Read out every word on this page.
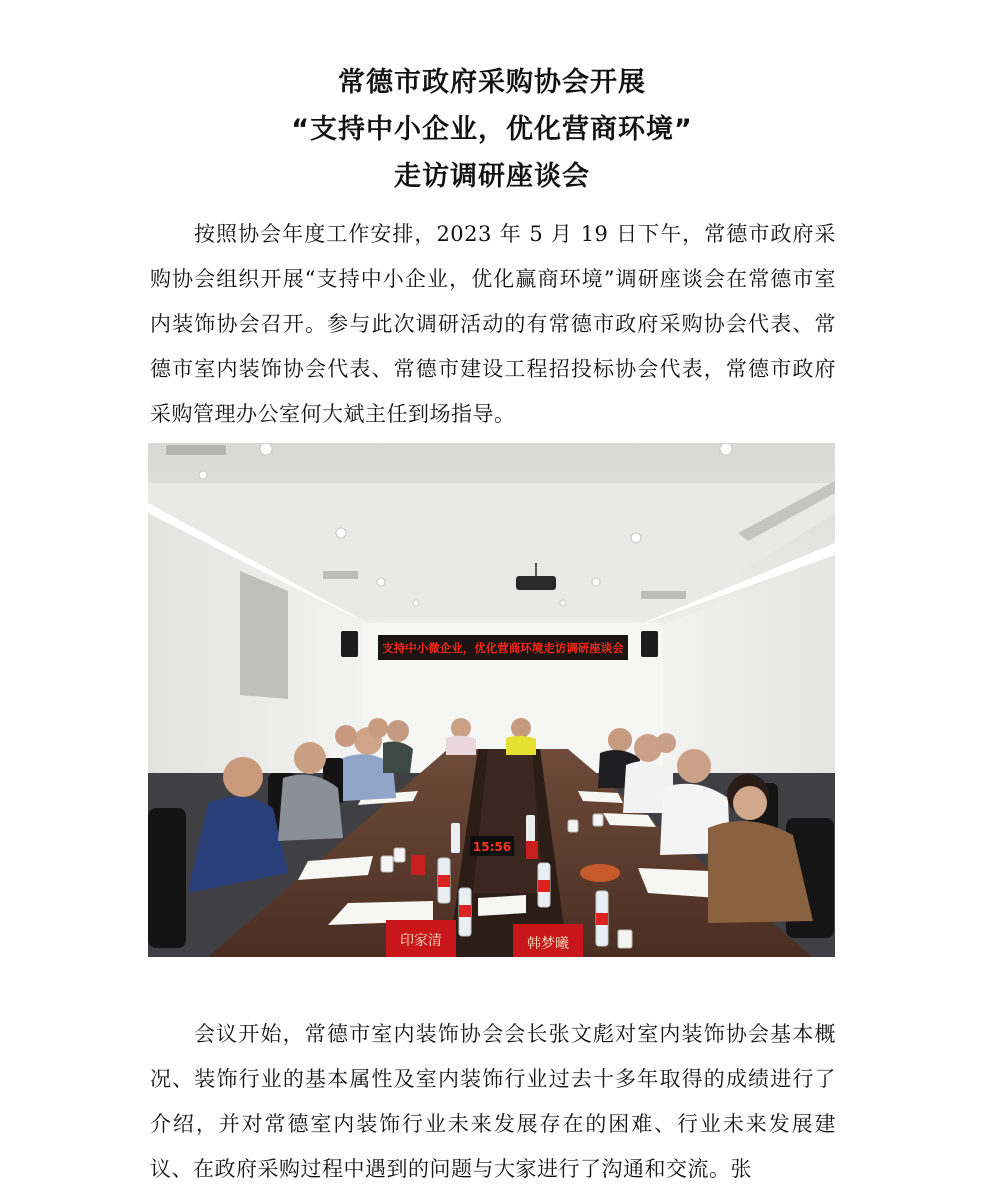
常德市政府采购协会开展
“支持中小企业，优化营商环境”
走访调研座谈会

按照协会年度工作安排，2023 年 5 月 19 日下午，常德市政府采购协会组织开展“支持中小企业，优化赢商环境”调研座谈会在常德市室内装饰协会召开。参与此次调研活动的有常德市政府采购协会代表、常德市室内装饰协会代表、常德市建设工程招投标协会代表，常德市政府采购管理办公室何大斌主任到场指导。

支持中小微企业，优化营商环境走访调研座谈会
15:56
印家清	韩梦曦

会议开始，常德市室内装饰协会会长张文彪对室内装饰协会基本概况、装饰行业的基本属性及室内装饰行业过去十多年取得的成绩进行了介绍，并对常德室内装饰行业未来发展存在的困难、行业未来发展建议、在政府采购过程中遇到的问题与大家进行了沟通和交流。张
